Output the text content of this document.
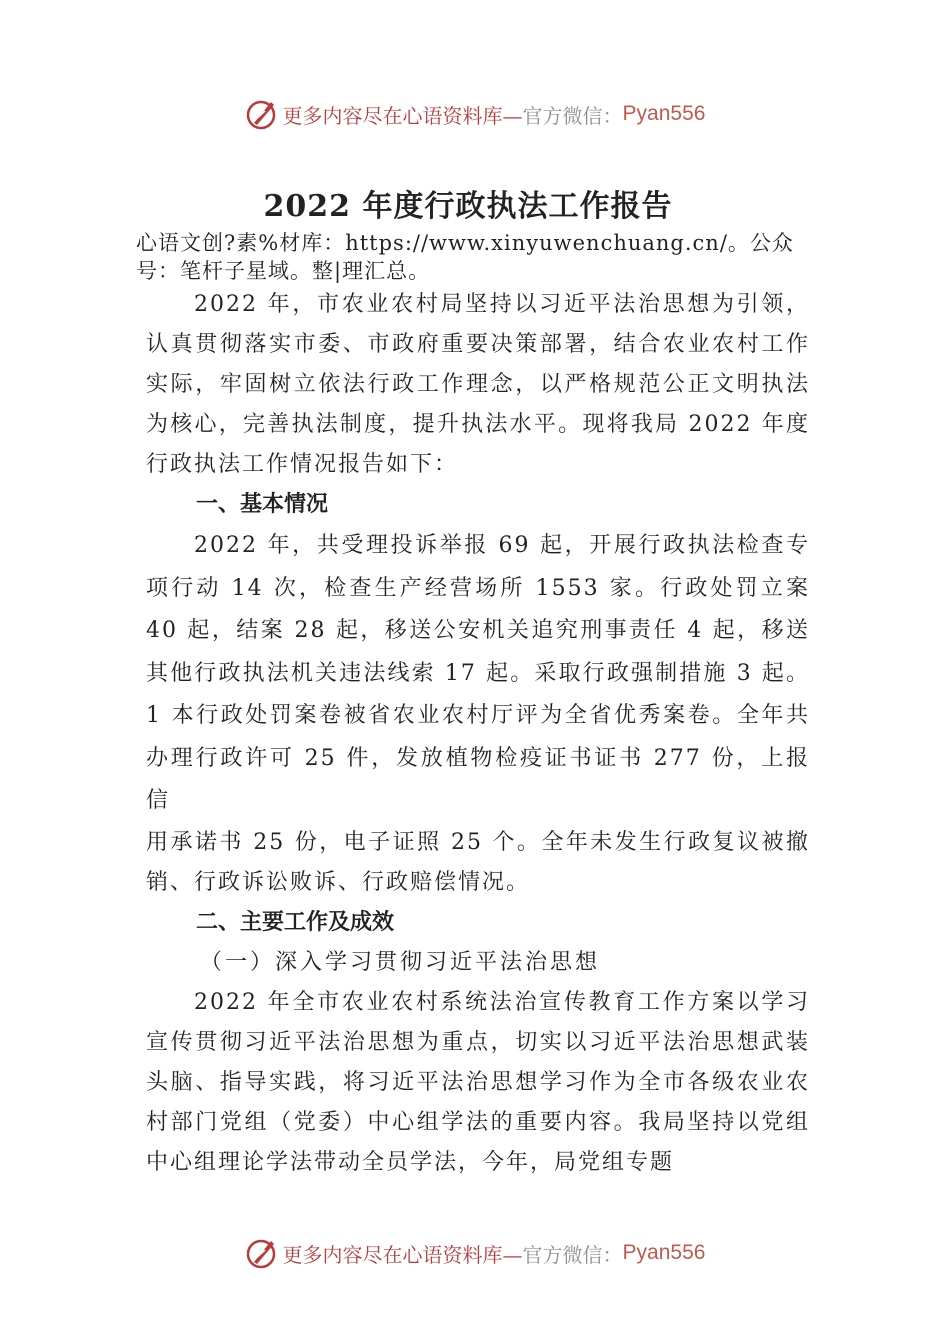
更多内容尽在心语资料库— 官方微信： Pyan556
2022 年度行政执法工作报告
心语文创?素%材库：https://www.xinyuwenchuang.cn/。公众号：笔杆子星域。整|理汇总。

2022 年，市农业农村局坚持以习近平法治思想为引领，认真贯彻落实市委、市政府重要决策部署，结合农业农村工作实际，牢固树立依法行政工作理念，以严格规范公正文明执法为核心，完善执法制度，提升执法水平。现将我局 2022 年度行政执法工作情况报告如下：

一、基本情况

2022 年，共受理投诉举报 69 起，开展行政执法检查专项行动 14 次，检查生产经营场所 1553 家。行政处罚立案 40 起，结案 28 起，移送公安机关追究刑事责任 4 起，移送其他行政执法机关违法线索 17 起。采取行政强制措施 3 起。1 本行政处罚案卷被省农业农村厅评为全省优秀案卷。全年共办理行政许可 25 件，发放植物检疫证书证书 277 份，上报信

用承诺书 25 份，电子证照 25 个。全年未发生行政复议被撤销、行政诉讼败诉、行政赔偿情况。

二、主要工作及成效
（一）深入学习贯彻习近平法治思想

2022 年全市农业农村系统法治宣传教育工作方案以学习宣传贯彻习近平法治思想为重点，切实以习近平法治思想武装头脑、指导实践，将习近平法治思想学习作为全市各级农业农村部门党组（党委）中心组学法的重要内容。我局坚持以党组中心组理论学法带动全员学法，今年，局党组专题

更多内容尽在心语资料库— 官方微信： Pyan556
